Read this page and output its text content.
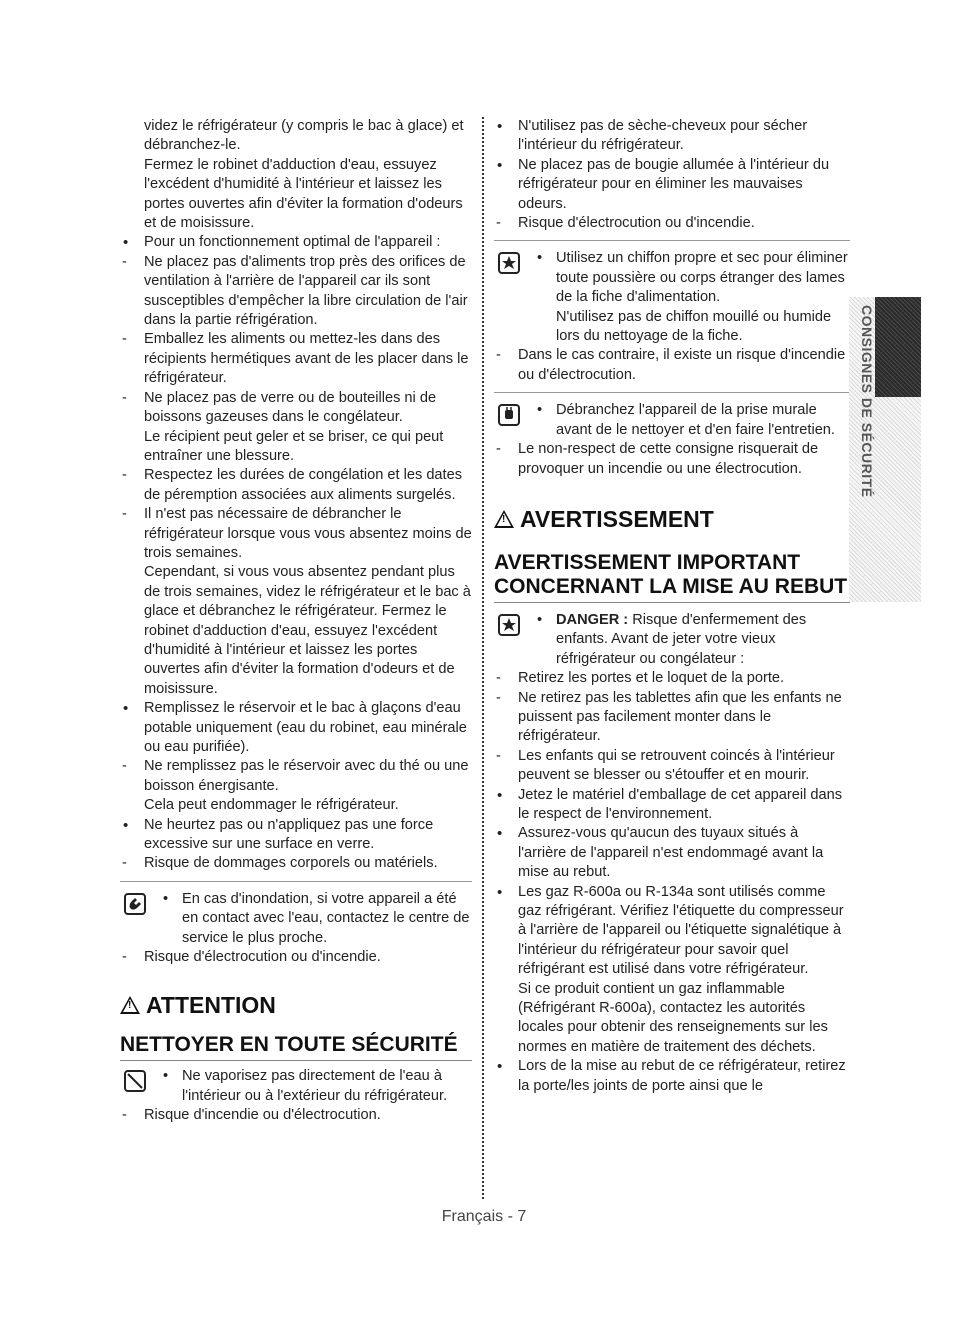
videz le réfrigérateur (y compris le bac à glace) et débranchez-le.
Fermez le robinet d'adduction d'eau, essuyez l'excédent d'humidité à l'intérieur et laissez les portes ouvertes afin d'éviter la formation d'odeurs et de moisissure.
• Pour un fonctionnement optimal de l'appareil :
- Ne placez pas d'aliments trop près des orifices de ventilation à l'arrière de l'appareil car ils sont susceptibles d'empêcher la libre circulation de l'air dans la partie réfrigération.
- Emballez les aliments ou mettez-les dans des récipients hermétiques avant de les placer dans le réfrigérateur.
- Ne placez pas de verre ou de bouteilles ni de boissons gazeuses dans le congélateur.
Le récipient peut geler et se briser, ce qui peut entraîner une blessure.
- Respectez les durées de congélation et les dates de péremption associées aux aliments surgelés.
- Il n'est pas nécessaire de débrancher le réfrigérateur lorsque vous vous absentez moins de trois semaines.
Cependant, si vous vous absentez pendant plus de trois semaines, videz le réfrigérateur et le bac à glace et débranchez le réfrigérateur. Fermez le robinet d'adduction d'eau, essuyez l'excédent d'humidité à l'intérieur et laissez les portes ouvertes afin d'éviter la formation d'odeurs et de moisissure.
• Remplissez le réservoir et le bac à glaçons d'eau potable uniquement (eau du robinet, eau minérale ou eau purifiée).
- Ne remplissez pas le réservoir avec du thé ou une boisson énergisante.
Cela peut endommager le réfrigérateur.
• Ne heurtez pas ou n'appliquez pas une force excessive sur une surface en verre.
- Risque de dommages corporels ou matériels.
• En cas d'inondation, si votre appareil a été en contact avec l'eau, contactez le centre de service le plus proche.
- Risque d'électrocution ou d'incendie.
!
ATTENTION
NETTOYER EN TOUTE SÉCURITÉ
• Ne vaporisez pas directement de l'eau à l'intérieur ou à l'extérieur du réfrigérateur.
- Risque d'incendie ou d'électrocution.
• N'utilisez pas de sèche-cheveux pour sécher l'intérieur du réfrigérateur.
• Ne placez pas de bougie allumée à l'intérieur du réfrigérateur pour en éliminer les mauvaises odeurs.
- Risque d'électrocution ou d'incendie.
• Utilisez un chiffon propre et sec pour éliminer toute poussière ou corps étranger des lames de la fiche d'alimentation.
N'utilisez pas de chiffon mouillé ou humide lors du nettoyage de la fiche.
- Dans le cas contraire, il existe un risque d'incendie ou d'électrocution.
• Débranchez l'appareil de la prise murale avant de le nettoyer et d'en faire l'entretien.
- Le non-respect de cette consigne risquerait de provoquer un incendie ou une électrocution.
!
AVERTISSEMENT
AVERTISSEMENT IMPORTANT CONCERNANT LA MISE AU REBUT
• DANGER : Risque d'enfermement des enfants. Avant de jeter votre vieux réfrigérateur ou congélateur :
- Retirez les portes et le loquet de la porte.
- Ne retirez pas les tablettes afin que les enfants ne puissent pas facilement monter dans le réfrigérateur.
- Les enfants qui se retrouvent coincés à l'intérieur peuvent se blesser ou s'étouffer et en mourir.
• Jetez le matériel d'emballage de cet appareil dans le respect de l'environnement.
• Assurez-vous qu'aucun des tuyaux situés à l'arrière de l'appareil n'est endommagé avant la mise au rebut.
• Les gaz R-600a ou R-134a sont utilisés comme gaz réfrigérant. Vérifiez l'étiquette du compresseur à l'arrière de l'appareil ou l'étiquette signalétique à l'intérieur du réfrigérateur pour savoir quel réfrigérant est utilisé dans votre réfrigérateur.
Si ce produit contient un gaz inflammable (Réfrigérant R-600a), contactez les autorités locales pour obtenir des renseignements sur les normes en matière de traitement des déchets.
• Lors de la mise au rebut de ce réfrigérateur, retirez la porte/les joints de porte ainsi que le
CONSIGNES DE SÉCURITÉ
Français - 7
